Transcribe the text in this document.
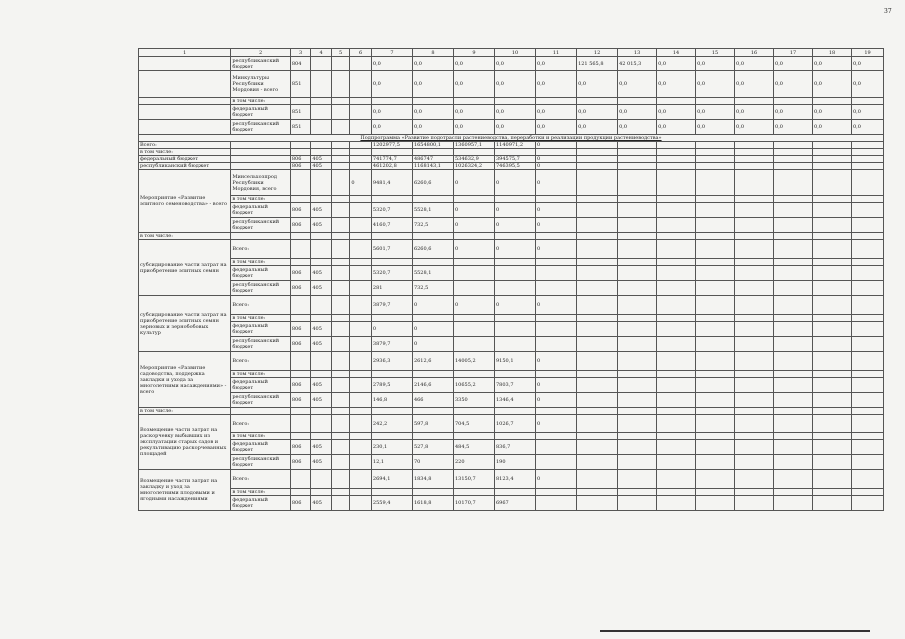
37
1	2	3	4	5	6	7	8	9	10	11	12	13	14	15	16	17	18	19
	республиканский бюджет	804				0,0	0,0	0,0	0,0	0,0	121 565,8	42 015,3	0,0	0,0	0,0	0,0	0,0	0,0
	Минкультуры Республики Мордовия - всего	851				0,0	0,0	0,0	0,0	0,0	0,0	0,0	0,0	0,0	0,0	0,0	0,0	0,0
	в том числе:																	
	федеральный бюджет	851				0,0	0,0	0,0	0,0	0,0	0,0	0,0	0,0	0,0	0,0	0,0	0,0	0,0
	республиканский бюджет	851				0,0	0,0	0,0	0,0	0,0	0,0	0,0	0,0	0,0	0,0	0,0	0,0	0,0
Подпрограмма «Развитие подотрасли растениеводства, переработки и реализации продукции растениеводства»																		
Всего:						1202977,5	1654800,1	1360957,1	1140971,2	0								
в том числе:																		
федеральный бюджет		806	405			741774,7	486747	534632,9	394575,7	0								
республиканский бюджет		806	405			461202,8	1168143,1	1026324,2	746395,5	0								
Мероприятие «Развитие элитного семеноводства» - всего	Минсельхозпрод Республики Мордовия, всего				0	9481,4	6260,6	0	0	0								
	в том числе:																	
	федеральный бюджет	806	405			5320,7	5528,1	0	0	0								
	республиканский бюджет	806	405			4160,7	732,5	0	0	0								
в том числе:																		
субсидирование части затрат на приобретение элитных семян	Всего:					5601,7	6260,6	0	0	0								
	в том числе:																	
	федеральный бюджет	806	405			5320,7	5528,1											
	республиканский бюджет	806	405			281	732,5											
субсидирование части затрат на приобретение элитных семян зерновых и зернобобовых культур	Всего:					3879,7	0	0	0	0								
	в том числе:																	
	федеральный бюджет	806	405			0	0											
	республиканский бюджет	806	405			3879,7	0											
Мероприятие «Развитие садоводства, поддержка закладки и ухода за многолетними насаждениями» - всего	Всего:					2936,3	2612,6	14005,2	9150,1	0								
	в том числе:																	
	федеральный бюджет	806	405			2789,5	2146,6	10655,2	7803,7	0								
	республиканский бюджет	806	405			146,8	466	3350	1346,4	0								
в том числе:																		
Возмещение части затрат на раскорчевку выбывших из эксплуатации старых садов и рекультивацию раскорчеванных площадей	Всего:					242,2	597,8	704,5	1026,7	0								
	в том числе:																	
	федеральный бюджет	806	405			230,1	527,8	484,5	836,7									
	республиканский бюджет	806	405			12,1	70	220	190									
Возмещение части затрат на закладку и уход за многолетними плодовыми и ягодными насаждениями	Всего:					2694,1	1834,8	13150,7	8123,4	0								
	в том числе:																	
	федеральный бюджет	806	405			2559,4	1618,8	10170,7	6967									
